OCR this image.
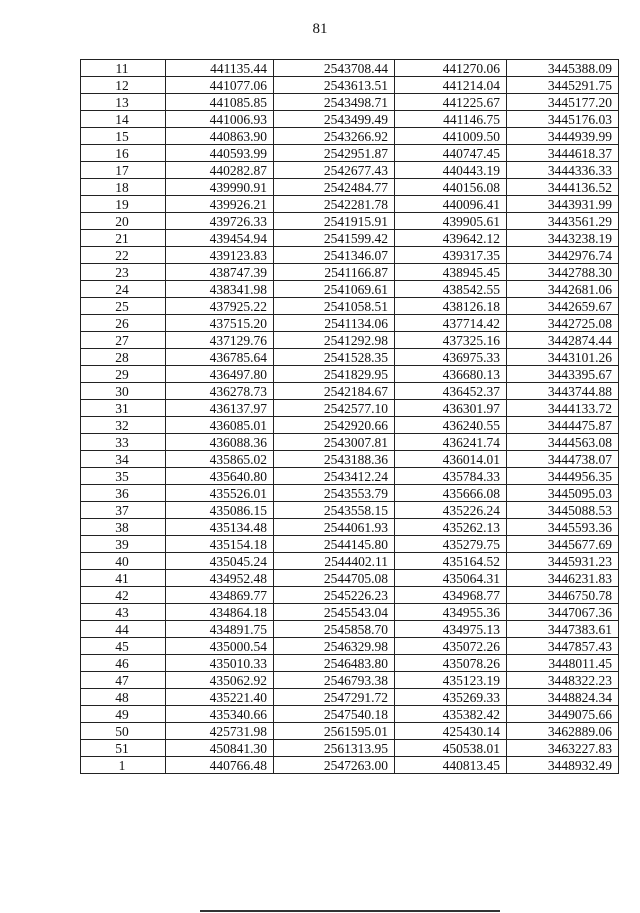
81
11	441135.44	2543708.44	441270.06	3445388.09
12	441077.06	2543613.51	441214.04	3445291.75
13	441085.85	2543498.71	441225.67	3445177.20
14	441006.93	2543499.49	441146.75	3445176.03
15	440863.90	2543266.92	441009.50	3444939.99
16	440593.99	2542951.87	440747.45	3444618.37
17	440282.87	2542677.43	440443.19	3444336.33
18	439990.91	2542484.77	440156.08	3444136.52
19	439926.21	2542281.78	440096.41	3443931.99
20	439726.33	2541915.91	439905.61	3443561.29
21	439454.94	2541599.42	439642.12	3443238.19
22	439123.83	2541346.07	439317.35	3442976.74
23	438747.39	2541166.87	438945.45	3442788.30
24	438341.98	2541069.61	438542.55	3442681.06
25	437925.22	2541058.51	438126.18	3442659.67
26	437515.20	2541134.06	437714.42	3442725.08
27	437129.76	2541292.98	437325.16	3442874.44
28	436785.64	2541528.35	436975.33	3443101.26
29	436497.80	2541829.95	436680.13	3443395.67
30	436278.73	2542184.67	436452.37	3443744.88
31	436137.97	2542577.10	436301.97	3444133.72
32	436085.01	2542920.66	436240.55	3444475.87
33	436088.36	2543007.81	436241.74	3444563.08
34	435865.02	2543188.36	436014.01	3444738.07
35	435640.80	2543412.24	435784.33	3444956.35
36	435526.01	2543553.79	435666.08	3445095.03
37	435086.15	2543558.15	435226.24	3445088.53
38	435134.48	2544061.93	435262.13	3445593.36
39	435154.18	2544145.80	435279.75	3445677.69
40	435045.24	2544402.11	435164.52	3445931.23
41	434952.48	2544705.08	435064.31	3446231.83
42	434869.77	2545226.23	434968.77	3446750.78
43	434864.18	2545543.04	434955.36	3447067.36
44	434891.75	2545858.70	434975.13	3447383.61
45	435000.54	2546329.98	435072.26	3447857.43
46	435010.33	2546483.80	435078.26	3448011.45
47	435062.92	2546793.38	435123.19	3448322.23
48	435221.40	2547291.72	435269.33	3448824.34
49	435340.66	2547540.18	435382.42	3449075.66
50	425731.98	2561595.01	425430.14	3462889.06
51	450841.30	2561313.95	450538.01	3463227.83
1	440766.48	2547263.00	440813.45	3448932.49
